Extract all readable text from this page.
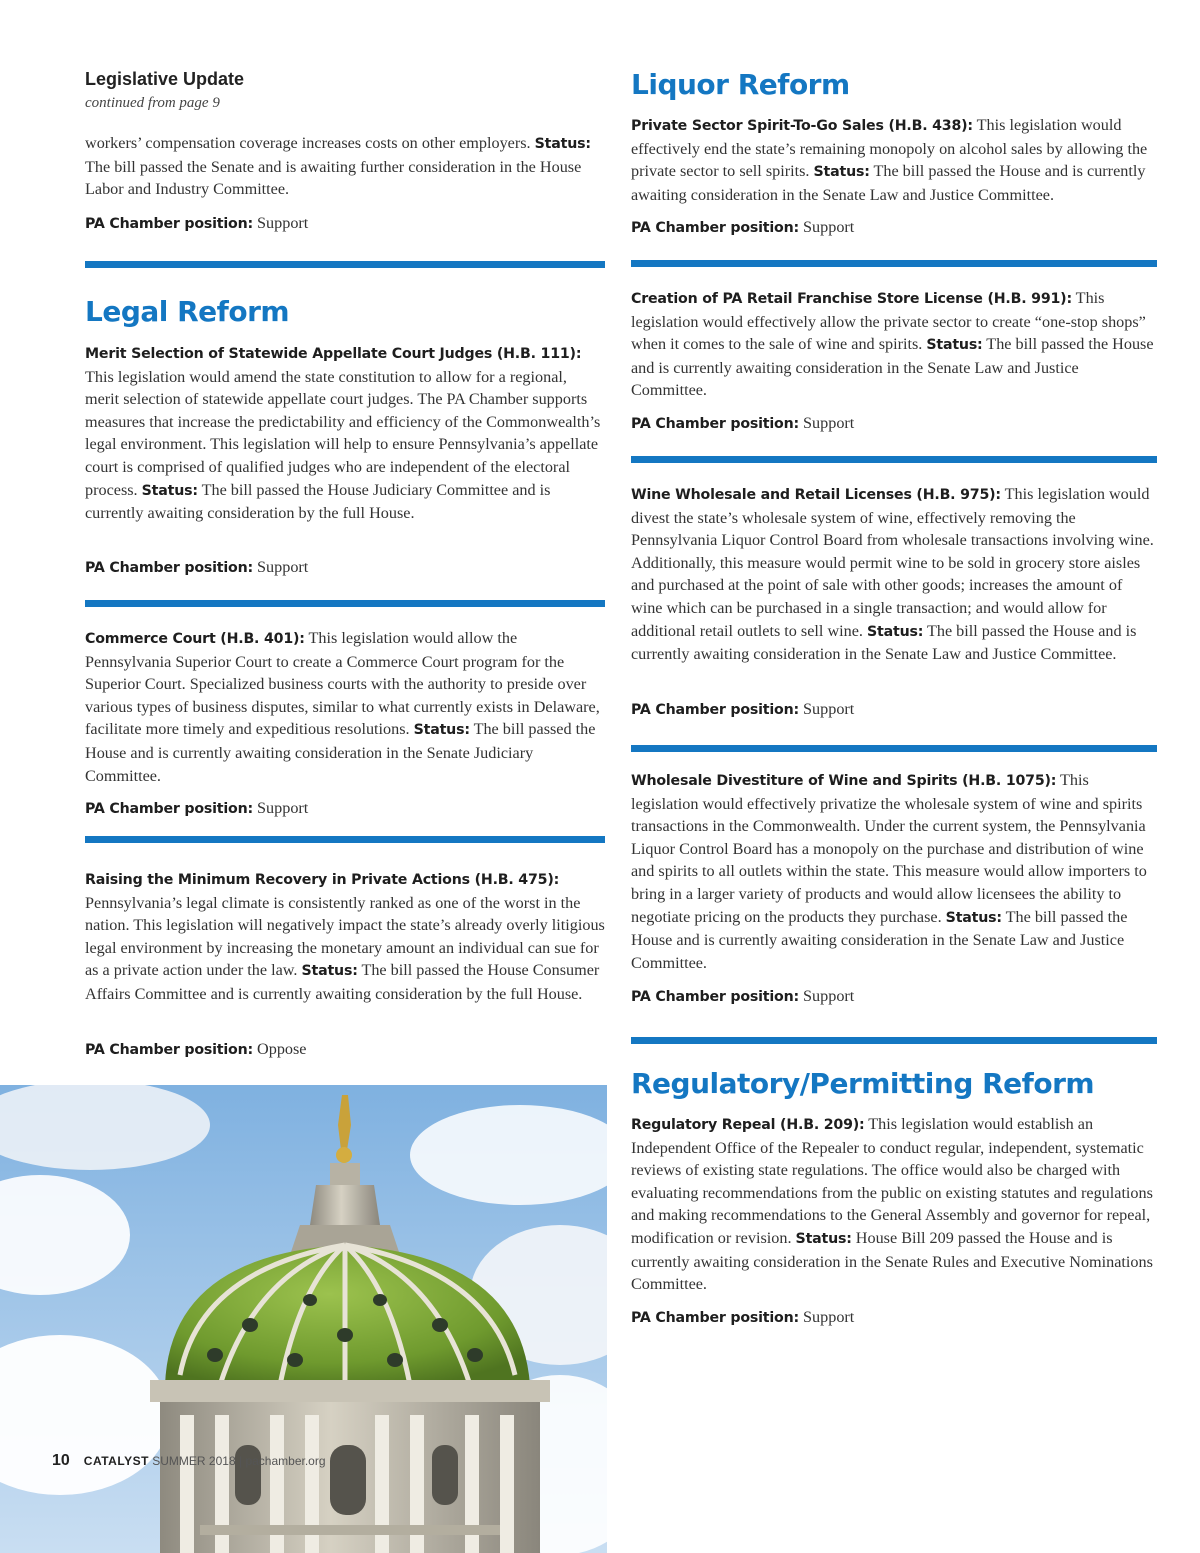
Legislative Update
continued from page 9

workers’ compensation coverage increases costs on other employers. Status: The bill passed the Senate and is awaiting further consideration in the House Labor and Industry Committee.

PA Chamber position: Support

Legal Reform

Merit Selection of Statewide Appellate Court Judges (H.B. 111): This legislation would amend the state constitution to allow for a regional, merit selection of statewide appellate court judges. The PA Chamber supports measures that increase the predictability and efficiency of the Commonwealth’s legal environment. This legislation will help to ensure Pennsylvania’s appellate court is comprised of qualified judges who are independent of the electoral process. Status: The bill passed the House Judiciary Committee and is currently awaiting consideration by the full House.

PA Chamber position: Support

Commerce Court (H.B. 401): This legislation would allow the Pennsylvania Superior Court to create a Commerce Court program for the Superior Court. Specialized business courts with the authority to preside over various types of business disputes, similar to what currently exists in Delaware, facilitate more timely and expeditious resolutions. Status: The bill passed the House and is currently awaiting consideration in the Senate Judiciary Committee.

PA Chamber position: Support

Raising the Minimum Recovery in Private Actions (H.B. 475): Pennsylvania’s legal climate is consistently ranked as one of the worst in the nation. This legislation will negatively impact the state’s already overly litigious legal environment by increasing the monetary amount an individual can sue for as a private action under the law. Status: The bill passed the House Consumer Affairs Committee and is currently awaiting consideration by the full House.

PA Chamber position: Oppose

Liquor Reform

Private Sector Spirit-To-Go Sales (H.B. 438): This legislation would effectively end the state’s remaining monopoly on alcohol sales by allowing the private sector to sell spirits. Status: The bill passed the House and is currently awaiting consideration in the Senate Law and Justice Committee.

PA Chamber position: Support

Creation of PA Retail Franchise Store License (H.B. 991): This legislation would effectively allow the private sector to create “one-stop shops” when it comes to the sale of wine and spirits. Status: The bill passed the House and is currently awaiting consideration in the Senate Law and Justice Committee.

PA Chamber position: Support

Wine Wholesale and Retail Licenses (H.B. 975): This legislation would divest the state’s wholesale system of wine, effectively removing the Pennsylvania Liquor Control Board from wholesale transactions involving wine. Additionally, this measure would permit wine to be sold in grocery store aisles and purchased at the point of sale with other goods; increases the amount of wine which can be purchased in a single transaction; and would allow for additional retail outlets to sell wine. Status: The bill passed the House and is currently awaiting consideration in the Senate Law and Justice Committee.

PA Chamber position: Support

Wholesale Divestiture of Wine and Spirits (H.B. 1075): This legislation would effectively privatize the wholesale system of wine and spirits transactions in the Commonwealth. Under the current system, the Pennsylvania Liquor Control Board has a monopoly on the purchase and distribution of wine and spirits to all outlets within the state. This measure would allow importers to bring in a larger variety of products and would allow licensees the ability to negotiate pricing on the products they purchase. Status: The bill passed the House and is currently awaiting consideration in the Senate Law and Justice Committee.

PA Chamber position: Support

Regulatory/Permitting Reform

Regulatory Repeal (H.B. 209): This legislation would establish an Independent Office of the Repealer to conduct regular, independent, systematic reviews of existing state regulations. The office would also be charged with evaluating recommendations from the public on existing statutes and regulations and making recommendations to the General Assembly and governor for repeal, modification or revision. Status: House Bill 209 passed the House and is currently awaiting consideration in the Senate Rules and Executive Nominations Committee.

PA Chamber position: Support

10 CATALYST SUMMER 2018 | pachamber.org
